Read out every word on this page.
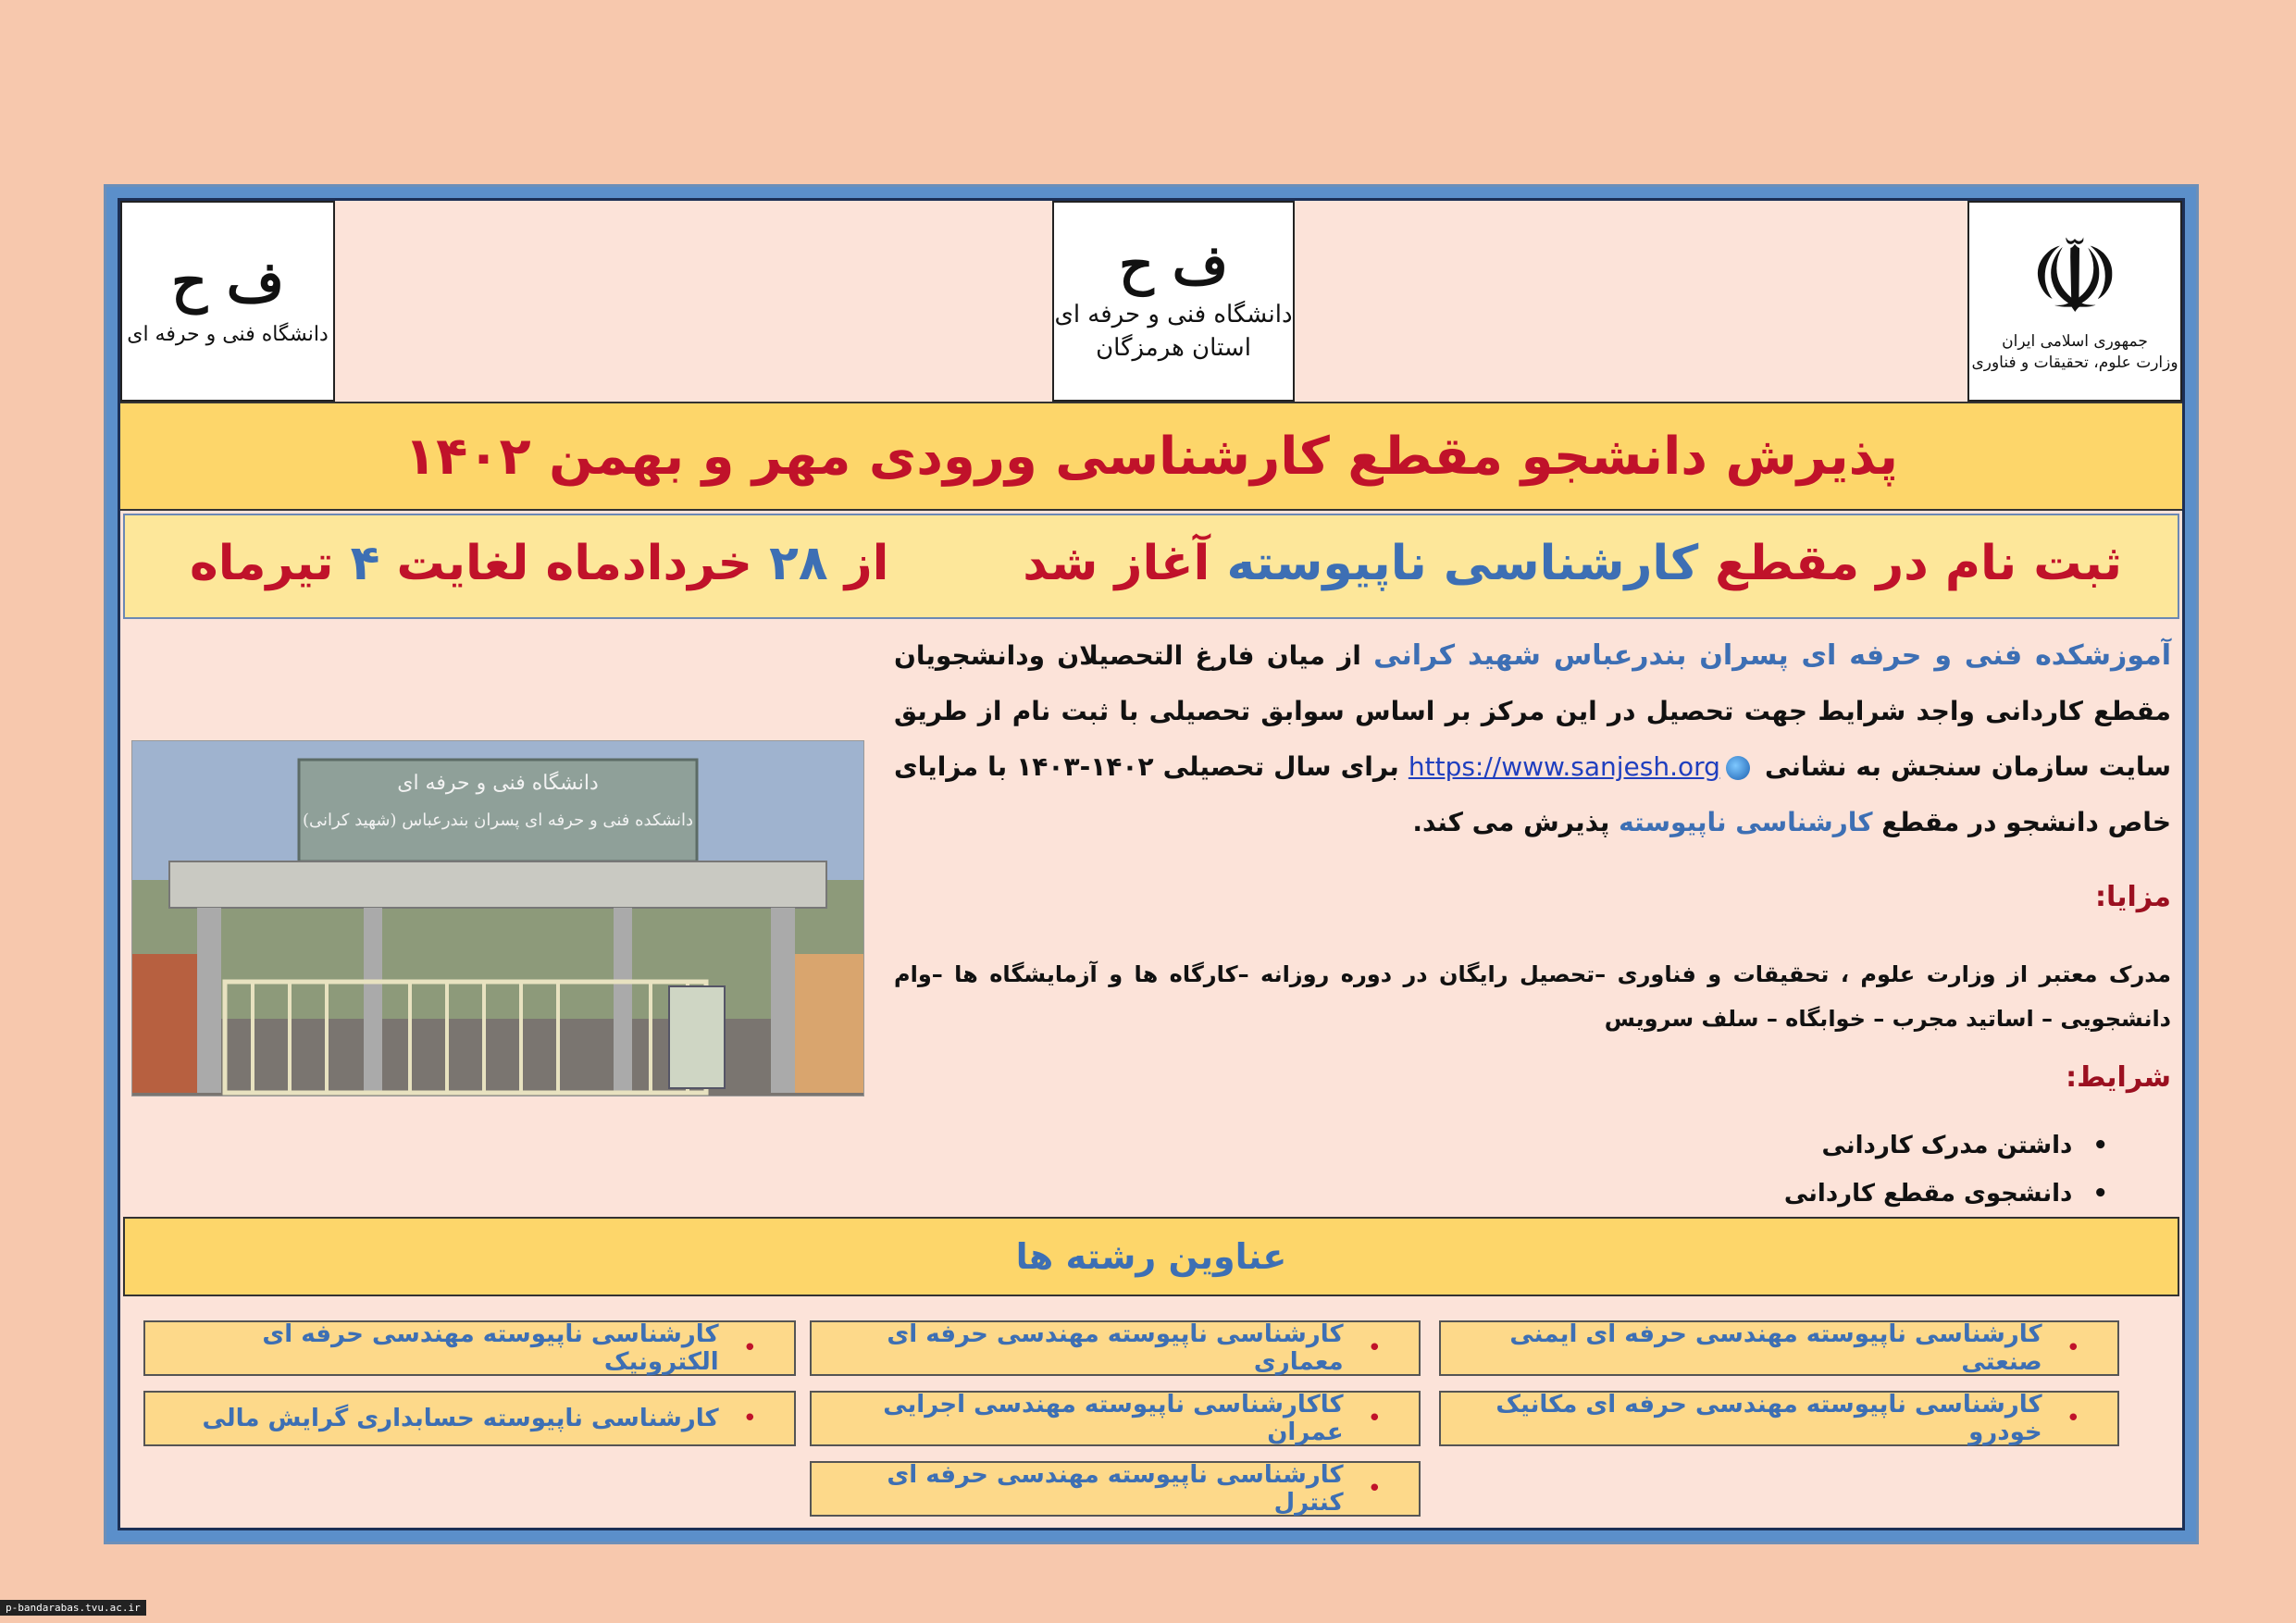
ف ح
دانشگاه فنی و حرفه ای
ف ح
دانشگاه فنی و حرفه ای
استان هرمزگان
☫
جمهوری اسلامی ایران
وزارت علوم، تحقیقات و فناوری
پذیرش دانشجو مقطع کارشناسی ورودی مهر و بهمن ۱۴۰۲
ثبت نام در مقطع کارشناسی ناپیوسته آغاز شد
از ۲۸ خردادماه لغایت ۴ تیرماه
دانشگاه فنی و حرفه ای
دانشکده فنی و حرفه ای پسران بندرعباس (شهید کرانی)
آموزشکده فنی و حرفه ای پسران بندرعباس شهید کرانی از میان فارغ التحصیلان ودانشجویان مقطع کاردانی واجد شرایط جهت تحصیل در این مرکز بر اساس سوابق تحصیلی با ثبت نام از طریق سایت سازمان سنجش به نشانی https://www.sanjesh.org برای سال تحصیلی ۱۴۰۲-۱۴۰۳ با مزایای خاص دانشجو در مقطع کارشناسی ناپیوسته پذیرش می کند.
مزایا:
مدرک معتبر از وزارت علوم ، تحقیقات و فناوری –تحصیل رایگان در دوره روزانه –کارگاه ها و آزمایشگاه ها –وام دانشجویی – اساتید مجرب – خوابگاه – سلف سرویس
شرایط:
• داشتن مدرک کاردانی
• دانشجوی مقطع کاردانی
عناوین رشته ها
•
کارشناسی ناپیوسته مهندسی حرفه ای ایمنی صنعتی
•
کارشناسی ناپیوسته مهندسی حرفه ای معماری
•
کارشناسی ناپیوسته مهندسی حرفه ای الکترونیک
•
کارشناسی ناپیوسته مهندسی حرفه ای مکانیک خودرو
•
کاکارشناسی ناپیوسته مهندسی اجرایی عمران
•
کارشناسی ناپیوسته حسابداری گرایش مالی
•
کارشناسی ناپیوسته مهندسی حرفه ای کنترل
p-bandarabas.tvu.ac.ir
